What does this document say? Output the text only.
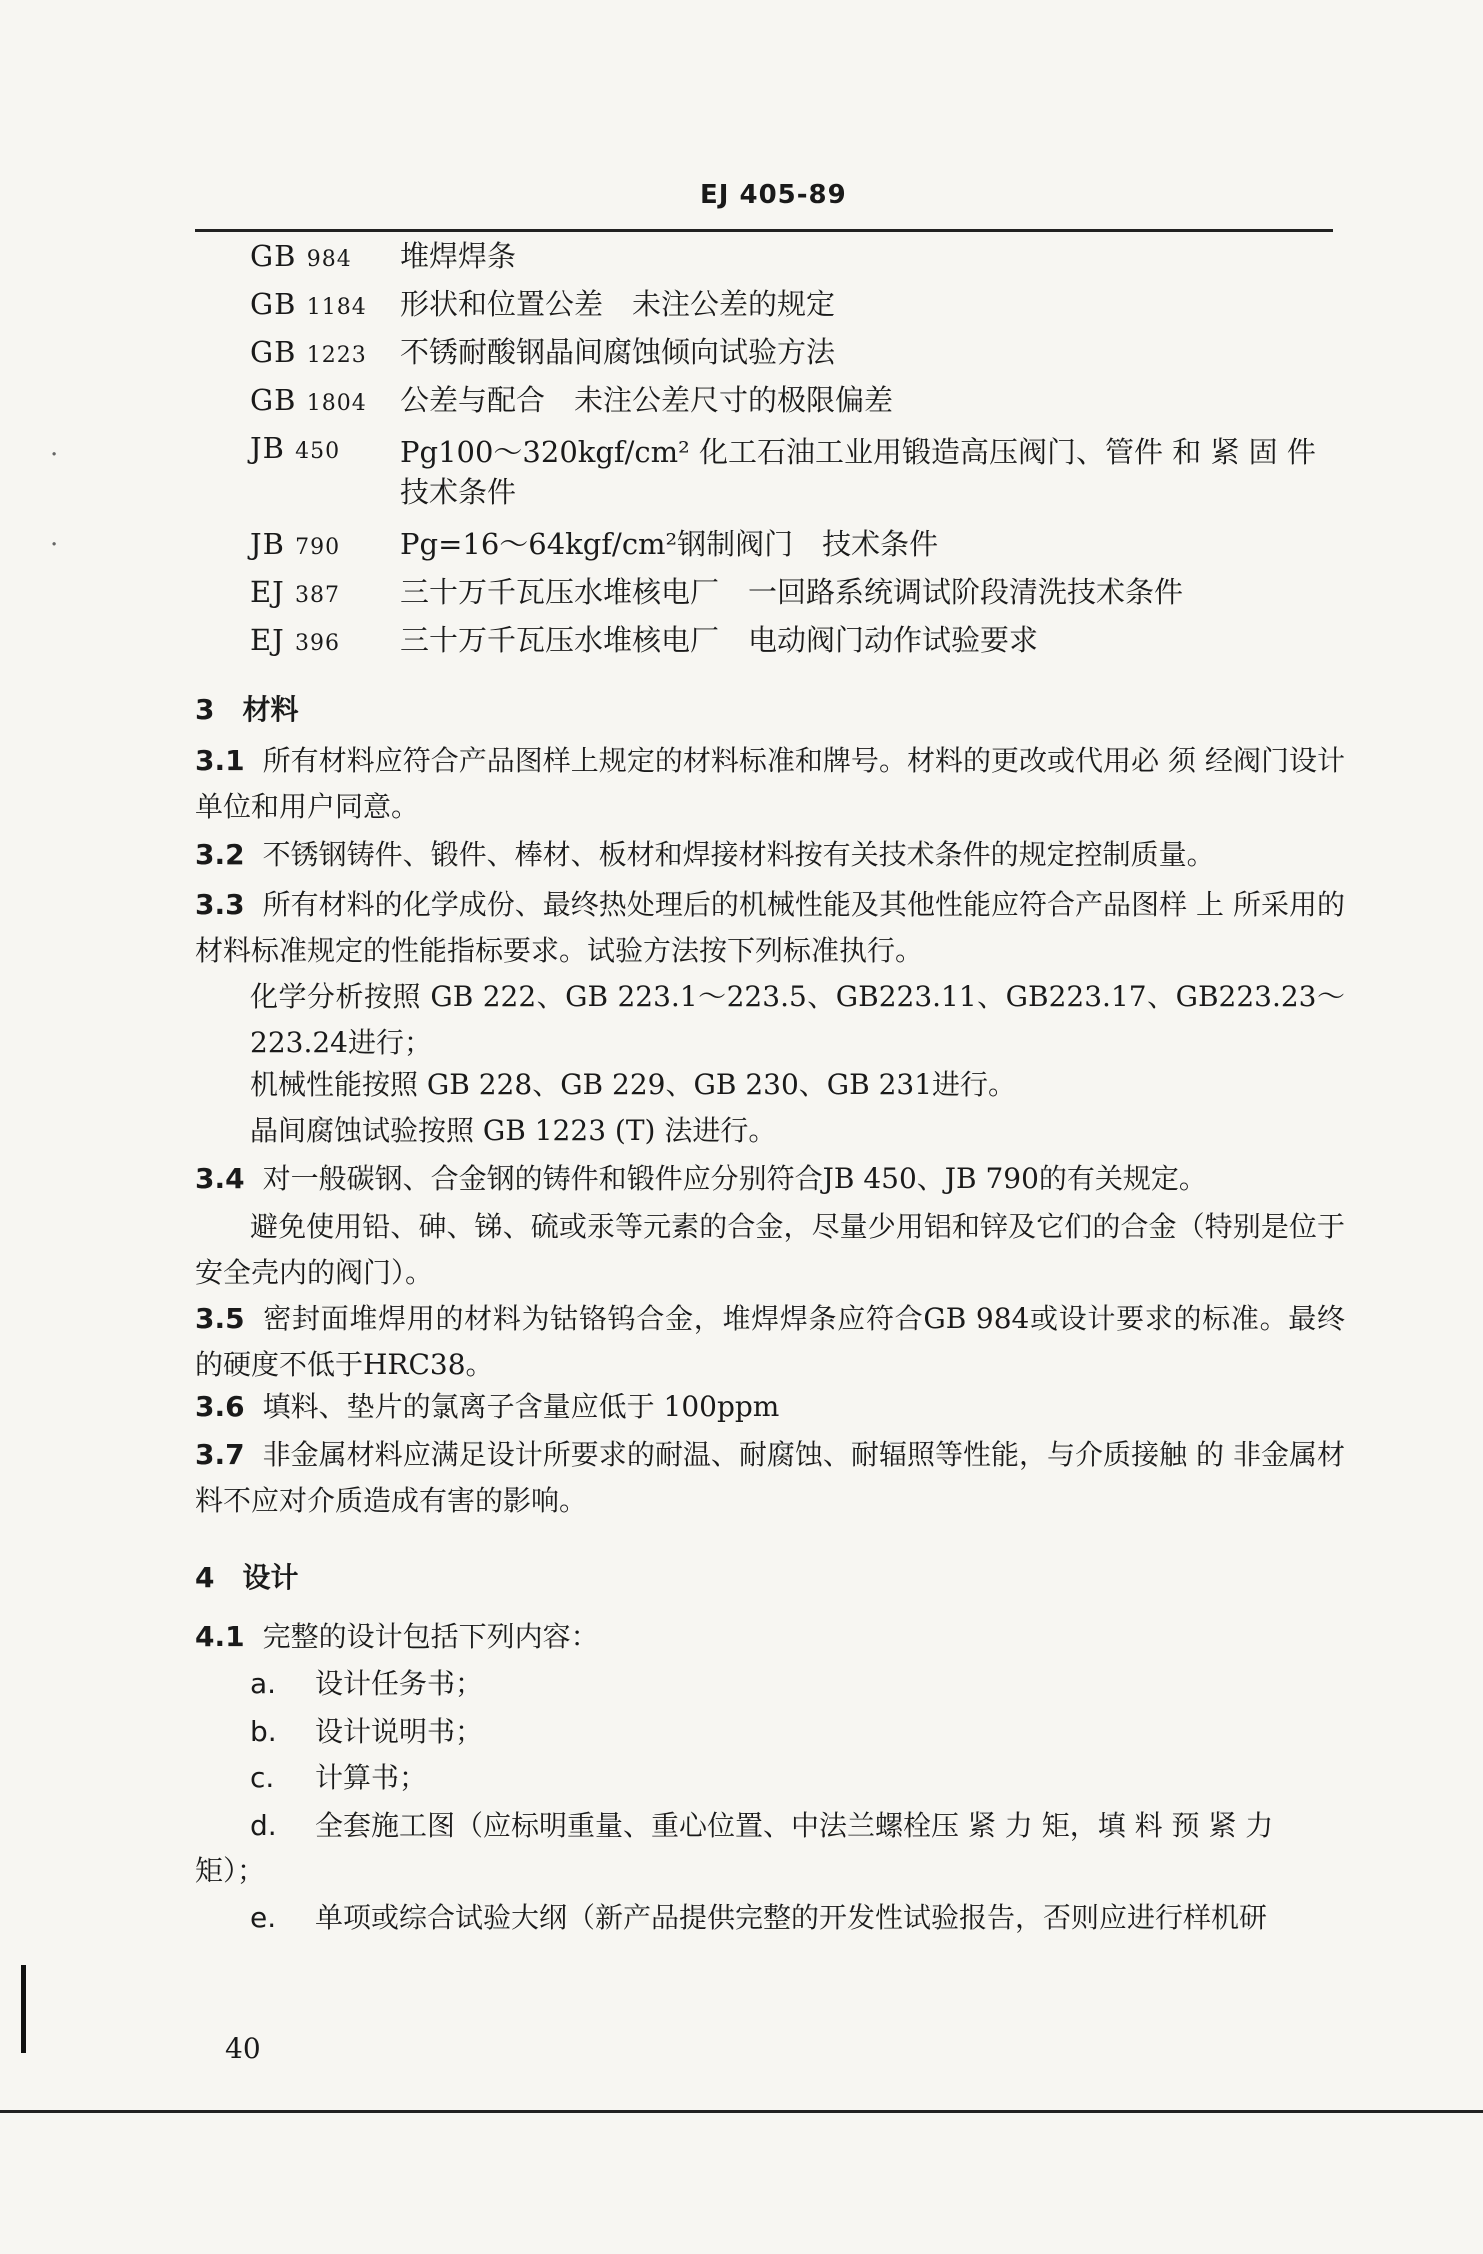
EJ 405-89
GB 984	堆焊焊条
GB 1184	形状和位置公差　未注公差的规定
GB 1223	不锈耐酸钢晶间腐蚀倾向试验方法
GB 1804	公差与配合　未注公差尺寸的极限偏差
JB 450	Pg100～320kgf/cm² 化工石油工业用锻造高压阀门、管件 和 紧 固 件 技术条件
JB 790	Pg=16～64kgf/cm²钢制阀门　技术条件
EJ 387	三十万千瓦压水堆核电厂　一回路系统调试阶段清洗技术条件
EJ 396	三十万千瓦压水堆核电厂　电动阀门动作试验要求
3　材料
3.1 所有材料应符合产品图样上规定的材料标准和牌号。材料的更改或代用必 须 经阀门设计单位和用户同意。
3.2 不锈钢铸件、锻件、棒材、板材和焊接材料按有关技术条件的规定控制质量。
3.3 所有材料的化学成份、最终热处理后的机械性能及其他性能应符合产品图样 上 所采用的材料标准规定的性能指标要求。试验方法按下列标准执行。
化学分析按照 GB 222、GB 223.1～223.5、GB223.11、GB223.17、GB223.23～223.24进行；
机械性能按照 GB 228、GB 229、GB 230、GB 231进行。
晶间腐蚀试验按照 GB 1223 (T) 法进行。
3.4 对一般碳钢、合金钢的铸件和锻件应分别符合JB 450、JB 790的有关规定。
避免使用铅、砷、锑、硫或汞等元素的合金，尽量少用铝和锌及它们的合金（特别是位于安全壳内的阀门）。
3.5 密封面堆焊用的材料为钴铬钨合金，堆焊焊条应符合GB 984或设计要求的标准。最终的硬度不低于HRC38。
3.6 填料、垫片的氯离子含量应低于 100ppm
3.7 非金属材料应满足设计所要求的耐温、耐腐蚀、耐辐照等性能，与介质接触 的 非金属材料不应对介质造成有害的影响。
4　设计
4.1 完整的设计包括下列内容：
a. 设计任务书；
b. 设计说明书；
c. 计算书；
d. 全套施工图（应标明重量、重心位置、中法兰螺栓压 紧 力 矩，填 料 预 紧 力
矩）；
e. 单项或综合试验大纲（新产品提供完整的开发性试验报告，否则应进行样机研
40
·
·
